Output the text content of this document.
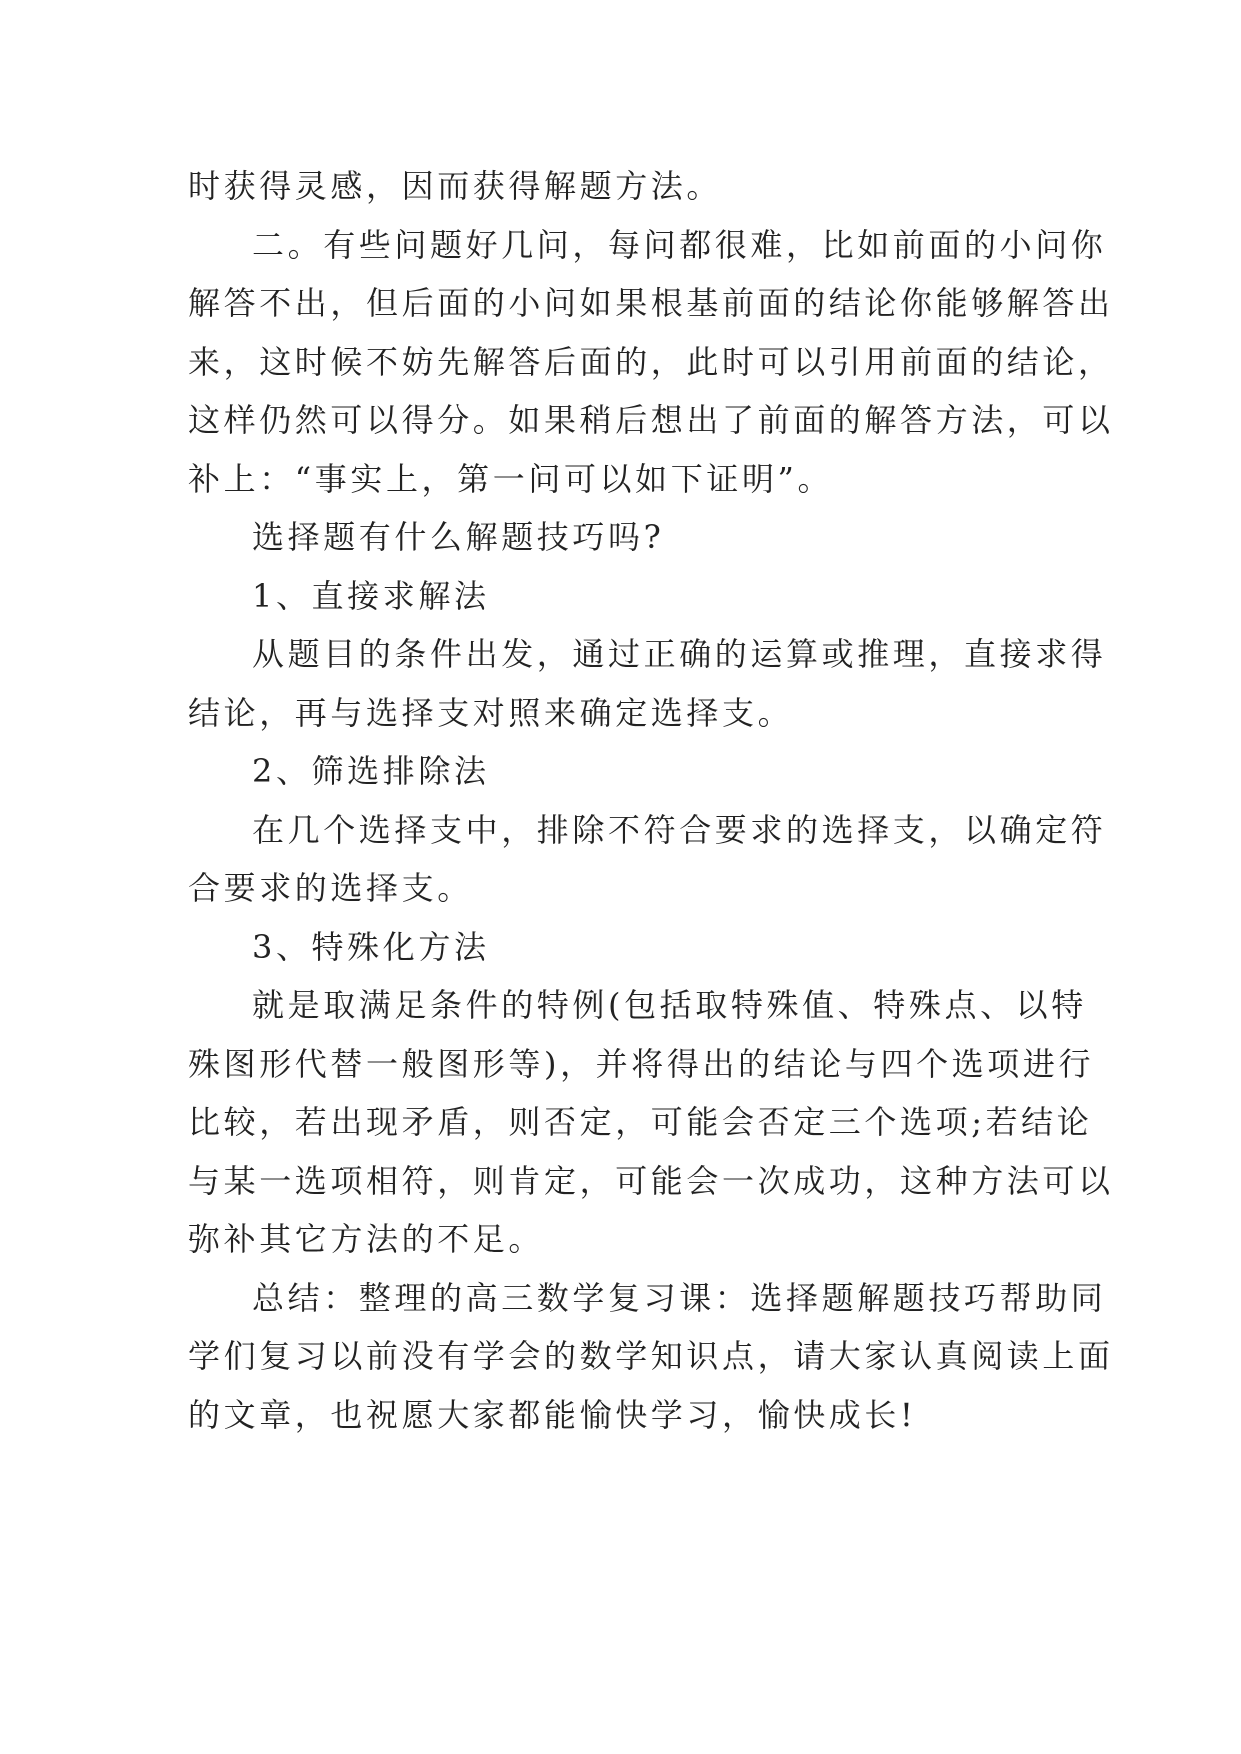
时获得灵感，因而获得解题方法。

二。有些问题好几问，每问都很难，比如前面的小问你
解答不出，但后面的小问如果根基前面的结论你能够解答出
来，这时候不妨先解答后面的，此时可以引用前面的结论，
这样仍然可以得分。如果稍后想出了前面的解答方法，可以
补上：“事实上，第一问可以如下证明”。

选择题有什么解题技巧吗?

1、直接求解法

从题目的条件出发，通过正确的运算或推理，直接求得
结论，再与选择支对照来确定选择支。

2、筛选排除法

在几个选择支中，排除不符合要求的选择支，以确定符
合要求的选择支。

3、特殊化方法

就是取满足条件的特例(包括取特殊值、特殊点、以特
殊图形代替一般图形等)，并将得出的结论与四个选项进行
比较，若出现矛盾，则否定，可能会否定三个选项;若结论
与某一选项相符，则肯定，可能会一次成功，这种方法可以
弥补其它方法的不足。

总结：整理的高三数学复习课：选择题解题技巧帮助同
学们复习以前没有学会的数学知识点，请大家认真阅读上面
的文章，也祝愿大家都能愉快学习，愉快成长!
